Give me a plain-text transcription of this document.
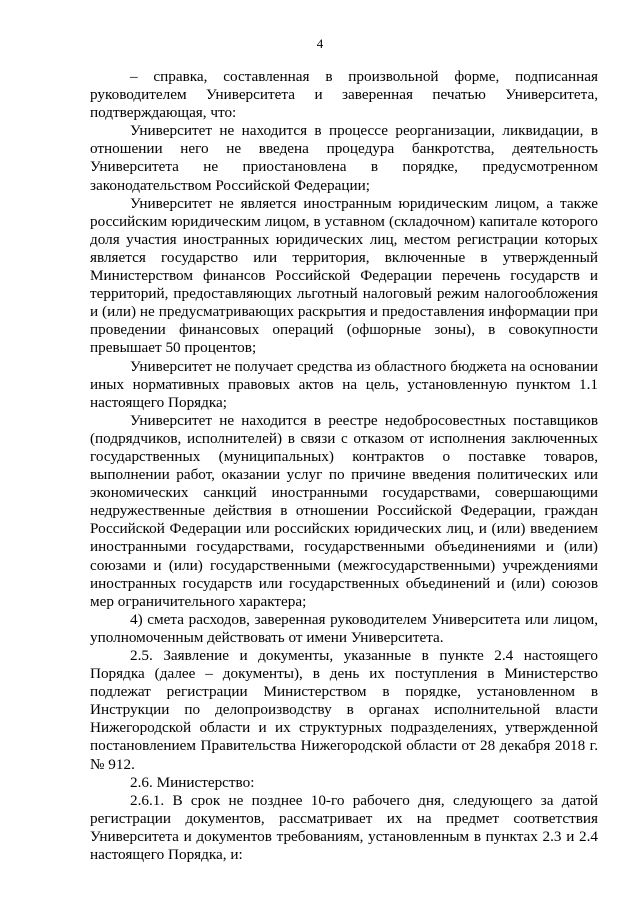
4

– справка, составленная в произвольной форме, подписанная руководителем Университета и заверенная печатью Университета, подтверждающая, что:

Университет не находится в процессе реорганизации, ликвидации, в отношении него не введена процедура банкротства, деятельность Университета не приостановлена в порядке, предусмотренном законодательством Российской Федерации;

Университет не является иностранным юридическим лицом, а также российским юридическим лицом, в уставном (складочном) капитале которого доля участия иностранных юридических лиц, местом регистрации которых является государство или территория, включенные в утвержденный Министерством финансов Российской Федерации перечень государств и территорий, предоставляющих льготный налоговый режим налогообложения и (или) не предусматривающих раскрытия и предоставления информации при проведении финансовых операций (офшорные зоны), в совокупности превышает 50 процентов;

Университет не получает средства из областного бюджета на основании иных нормативных правовых актов на цель, установленную пунктом 1.1 настоящего Порядка;

Университет не находится в реестре недобросовестных поставщиков (подрядчиков, исполнителей) в связи с отказом от исполнения заключенных государственных (муниципальных) контрактов о поставке товаров, выполнении работ, оказании услуг по причине введения политических или экономических санкций иностранными государствами, совершающими недружественные действия в отношении Российской Федерации, граждан Российской Федерации или российских юридических лиц, и (или) введением иностранными государствами, государственными объединениями и (или) союзами и (или) государственными (межгосударственными) учреждениями иностранных государств или государственных объединений и (или) союзов мер ограничительного характера;

4) смета расходов, заверенная руководителем Университета или лицом, уполномоченным действовать от имени Университета.

2.5. Заявление и документы, указанные в пункте 2.4 настоящего Порядка (далее – документы), в день их поступления в Министерство подлежат регистрации Министерством в порядке, установленном в Инструкции по делопроизводству в органах исполнительной власти Нижегородской области и их структурных подразделениях, утвержденной постановлением Правительства Нижегородской области от 28 декабря 2018 г. № 912.

2.6. Министерство:

2.6.1. В срок не позднее 10-го рабочего дня, следующего за датой регистрации документов, рассматривает их на предмет соответствия Университета и документов требованиям, установленным в пунктах 2.3 и 2.4 настоящего Порядка, и:
